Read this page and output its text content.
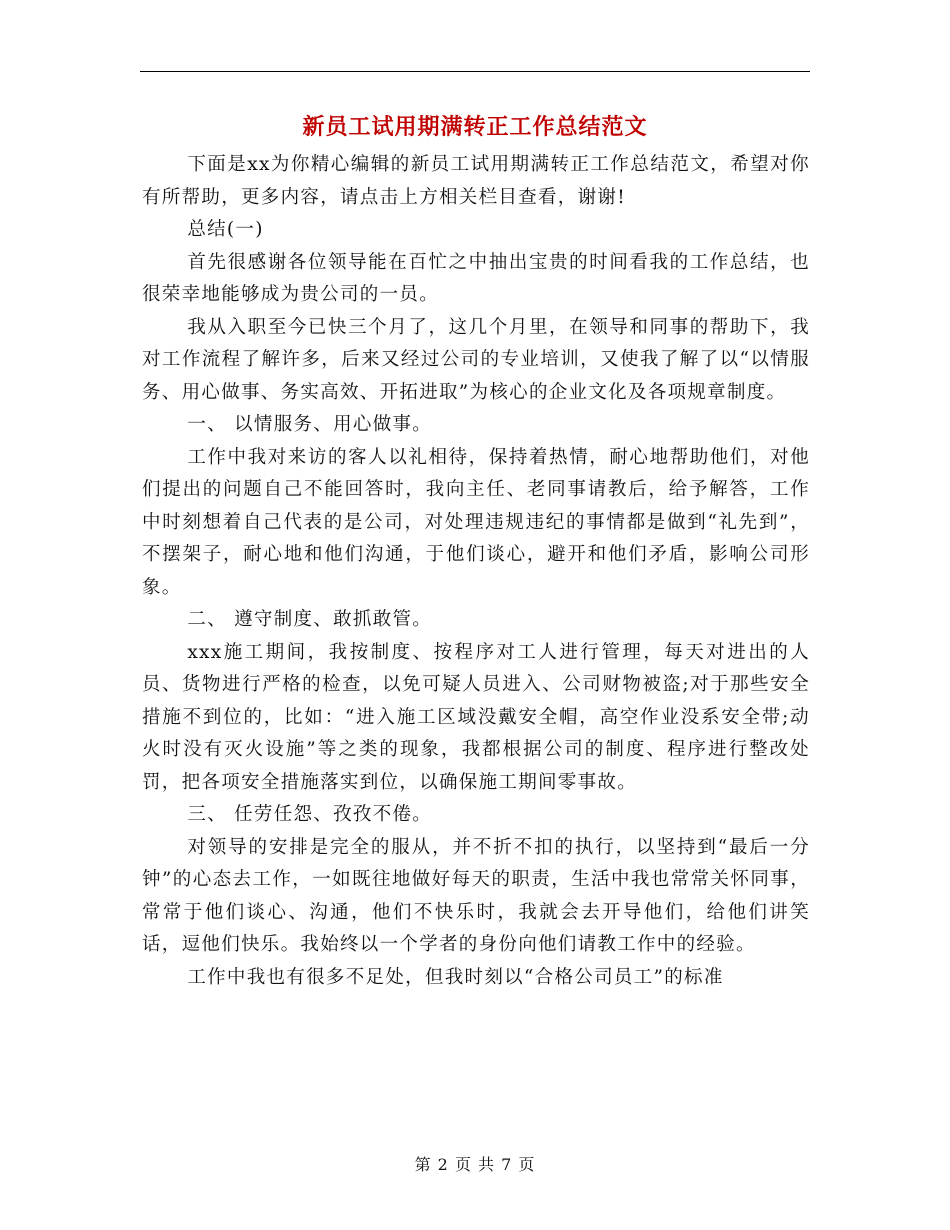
新员工试用期满转正工作总结范文

下面是xx为你精心编辑的新员工试用期满转正工作总结范文，希望对你有所帮助，更多内容，请点击上方相关栏目查看，谢谢!

总结(一)

首先很感谢各位领导能在百忙之中抽出宝贵的时间看我的工作总结，也很荣幸地能够成为贵公司的一员。

我从入职至今已快三个月了，这几个月里，在领导和同事的帮助下，我对工作流程了解许多，后来又经过公司的专业培训，又使我了解了以“以情服务、用心做事、务实高效、开拓进取”为核心的企业文化及各项规章制度。

一、 以情服务、用心做事。

工作中我对来访的客人以礼相待，保持着热情，耐心地帮助他们，对他们提出的问题自己不能回答时，我向主任、老同事请教后，给予解答，工作中时刻想着自己代表的是公司，对处理违规违纪的事情都是做到“礼先到”，不摆架子，耐心地和他们沟通，于他们谈心，避开和他们矛盾，影响公司形象。

二、 遵守制度、敢抓敢管。

xxx施工期间，我按制度、按程序对工人进行管理，每天对进出的人员、货物进行严格的检查，以免可疑人员进入、公司财物被盗;对于那些安全措施不到位的，比如：“进入施工区域没戴安全帽，高空作业没系安全带;动火时没有灭火设施”等之类的现象，我都根据公司的制度、程序进行整改处罚，把各项安全措施落实到位，以确保施工期间零事故。

三、 任劳任怨、孜孜不倦。

对领导的安排是完全的服从，并不折不扣的执行，以坚持到“最后一分钟”的心态去工作，一如既往地做好每天的职责，生活中我也常常关怀同事，常常于他们谈心、沟通，他们不快乐时，我就会去开导他们，给他们讲笑话，逗他们快乐。我始终以一个学者的身份向他们请教工作中的经验。

工作中我也有很多不足处，但我时刻以“合格公司员工”的标准

第 2 页 共 7 页
